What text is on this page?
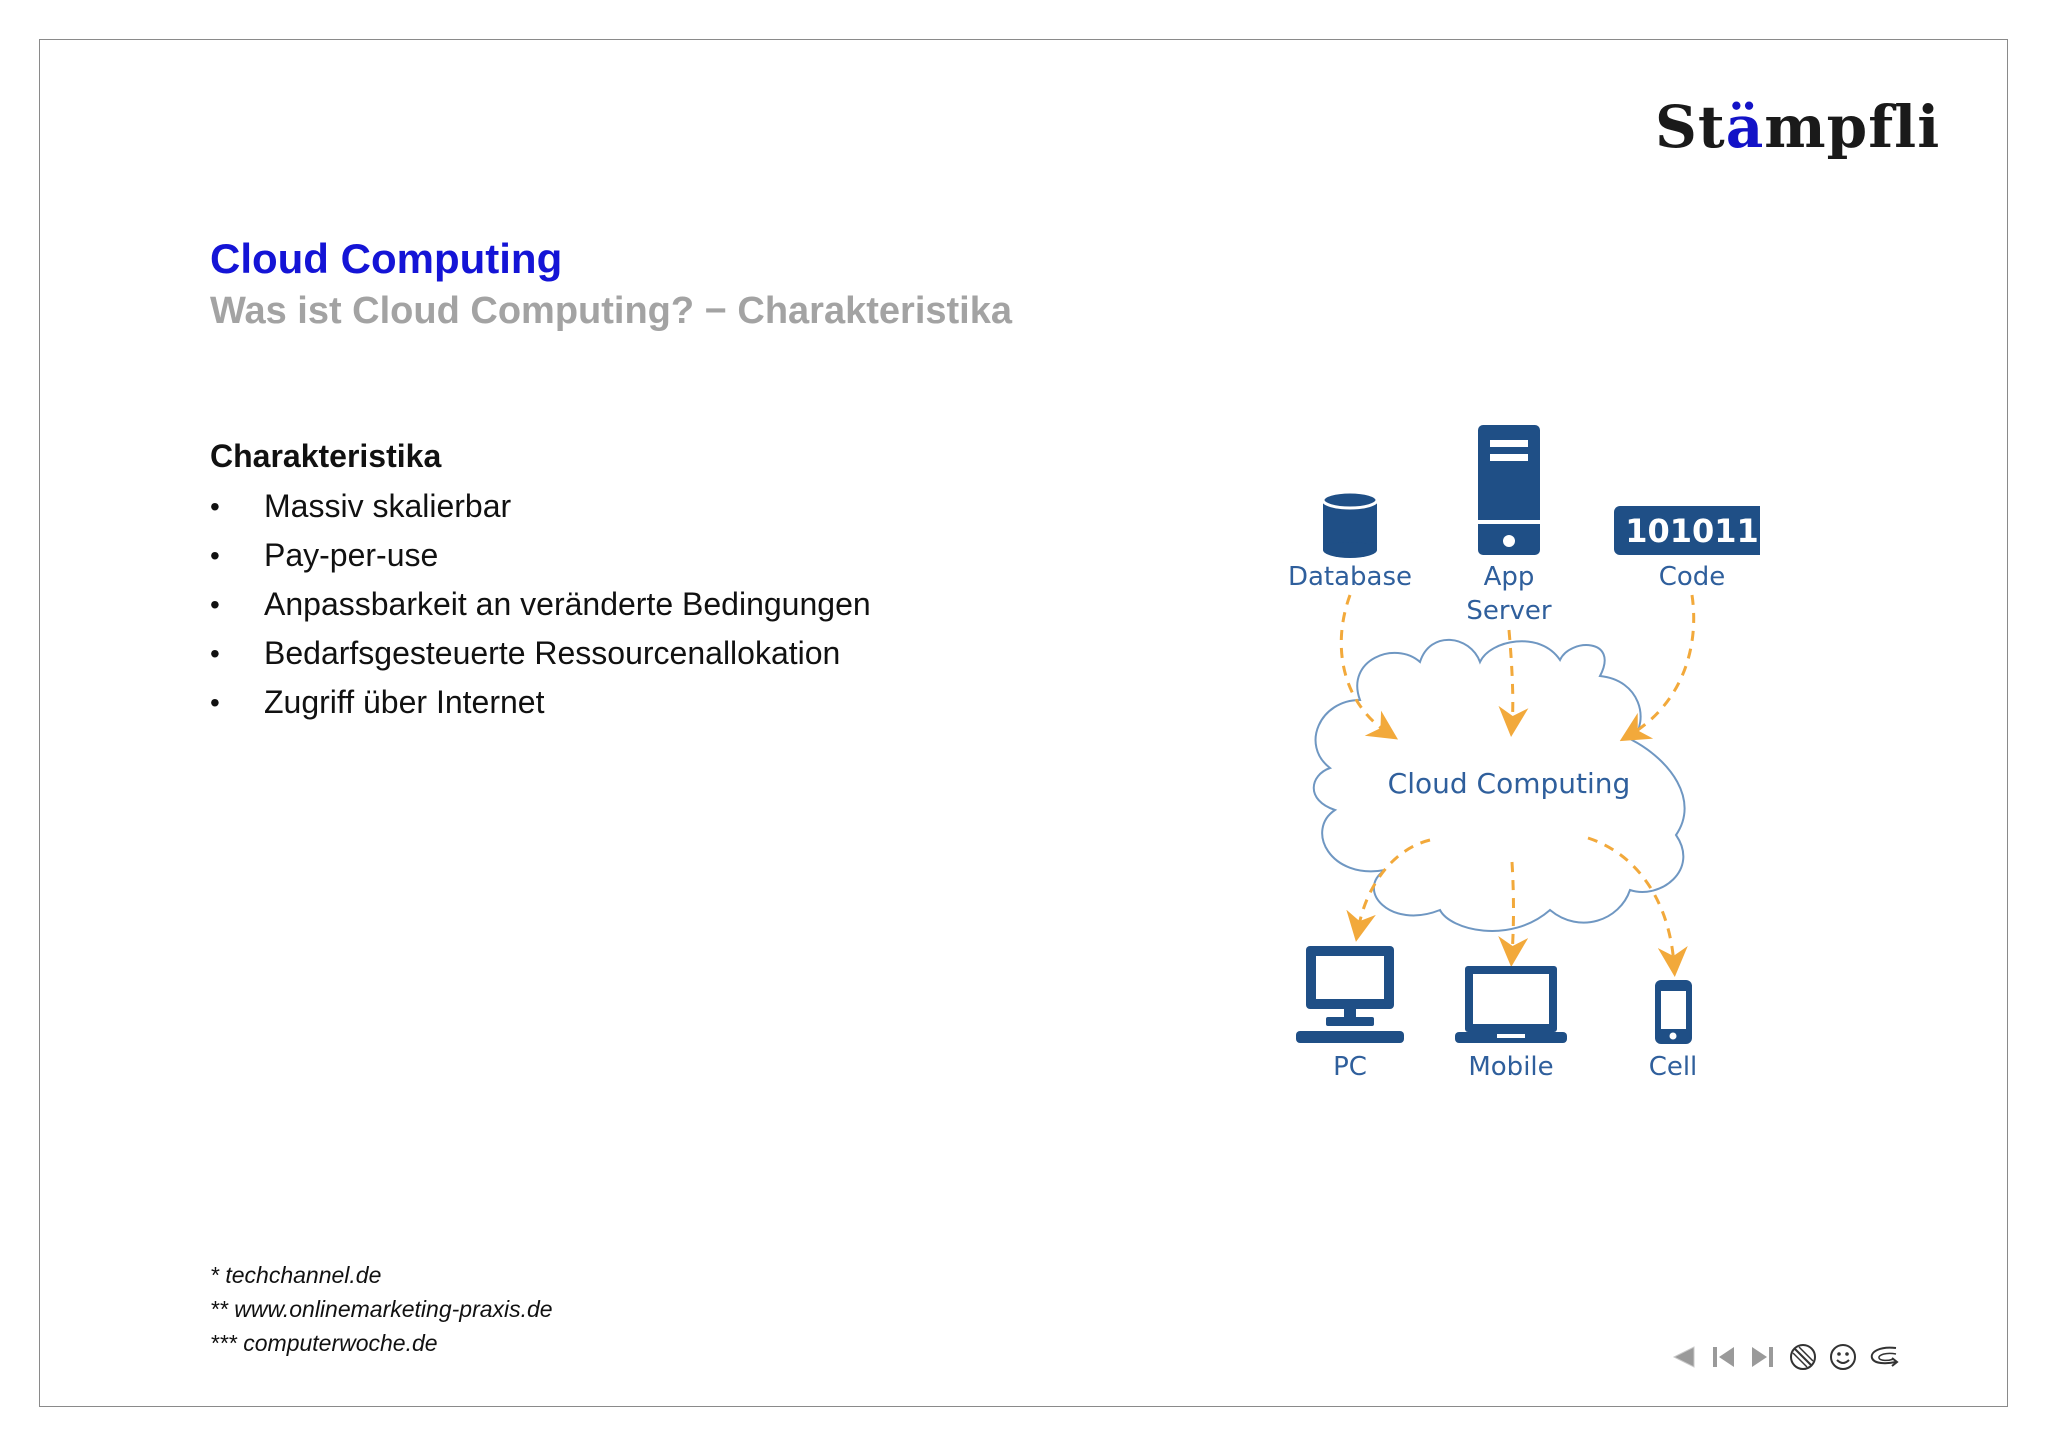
Stämpfli
Cloud Computing
Was ist Cloud Computing? − Charakteristika
Charakteristika
• Massiv skalierbar
• Pay-per-use
• Anpassbarkeit an veränderte Bedingungen
• Bedarfsgesteuerte Ressourcenallokation
• Zugriff über Internet
Database	App
Server
101011
Code
Cloud Computing
PC	Mobile	Cell
* techchannel.de
** www.onlinemarketing-praxis.de
*** computerwoche.de
